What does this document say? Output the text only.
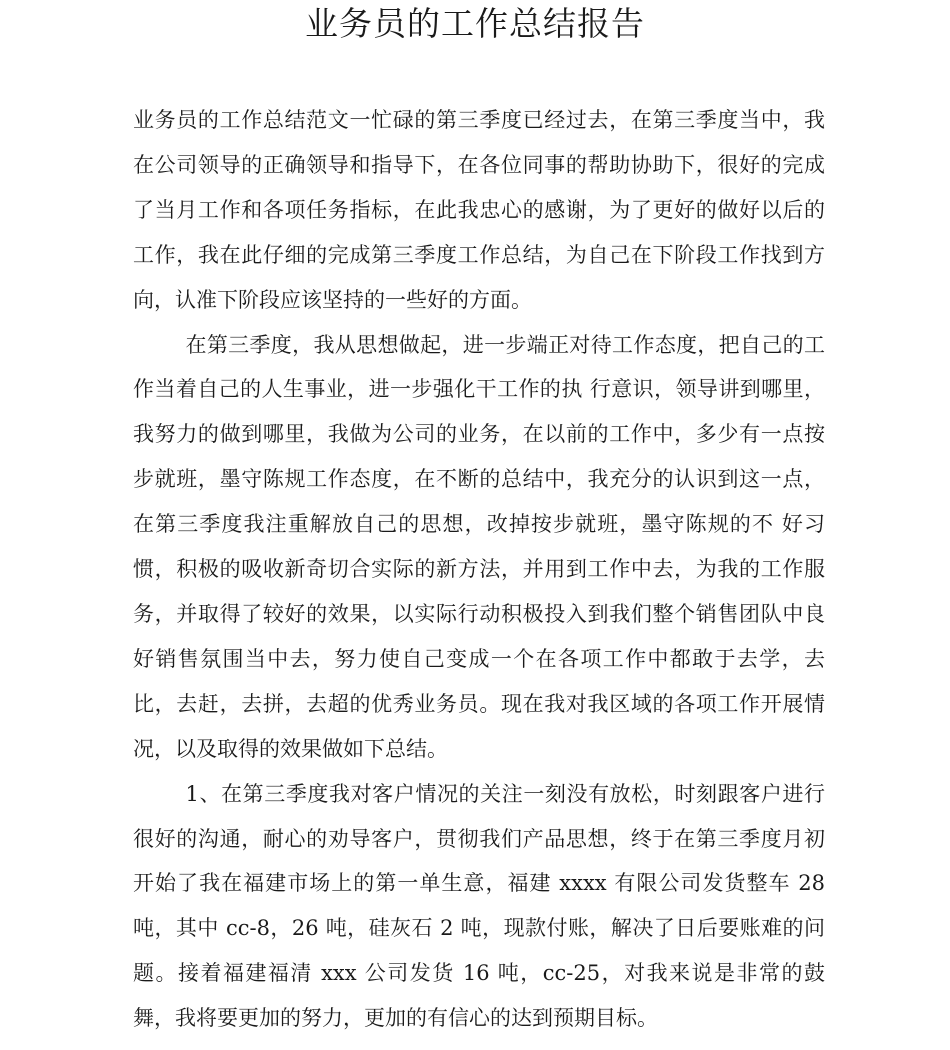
业务员的工作总结报告

业务员的工作总结范文一忙碌的第三季度已经过去，在第三季度当中，我在公司领导的正确领导和指导下，在各位同事的帮助协助下，很好的完成了当月工作和各项任务指标，在此我忠心的感谢，为了更好的做好以后的工作，我在此仔细的完成第三季度工作总结，为自己在下阶段工作找到方向，认准下阶段应该坚持的一些好的方面。

在第三季度，我从思想做起，进一步端正对待工作态度，把自己的工作当着自己的人生事业，进一步强化干工作的执 行意识，领导讲到哪里，我努力的做到哪里，我做为公司的业务，在以前的工作中，多少有一点按步就班，墨守陈规工作态度，在不断的总结中，我充分的认识到这一点，在第三季度我注重解放自己的思想，改掉按步就班，墨守陈规的不 好习惯，积极的吸收新奇切合实际的新方法，并用到工作中去，为我的工作服务，并取得了较好的效果，以实际行动积极投入到我们整个销售团队中良好销售氛围当中去，努力使自己变成一个在各项工作中都敢于去学，去比，去赶，去拼，去超的优秀业务员。现在我对我区域的各项工作开展情况，以及取得的效果做如下总结。

1、在第三季度我对客户情况的关注一刻没有放松，时刻跟客户进行很好的沟通，耐心的劝导客户，贯彻我们产品思想，终于在第三季度月初开始了我在福建市场上的第一单生意，福建 xxxx 有限公司发货整车 28 吨，其中 cc-8，26 吨，硅灰石 2 吨，现款付账，解决了日后要账难的问题。接着福建福清 xxx 公司发货 16 吨，cc-25，对我来说是非常的鼓舞，我将要更加的努力，更加的有信心的达到预期目标。
